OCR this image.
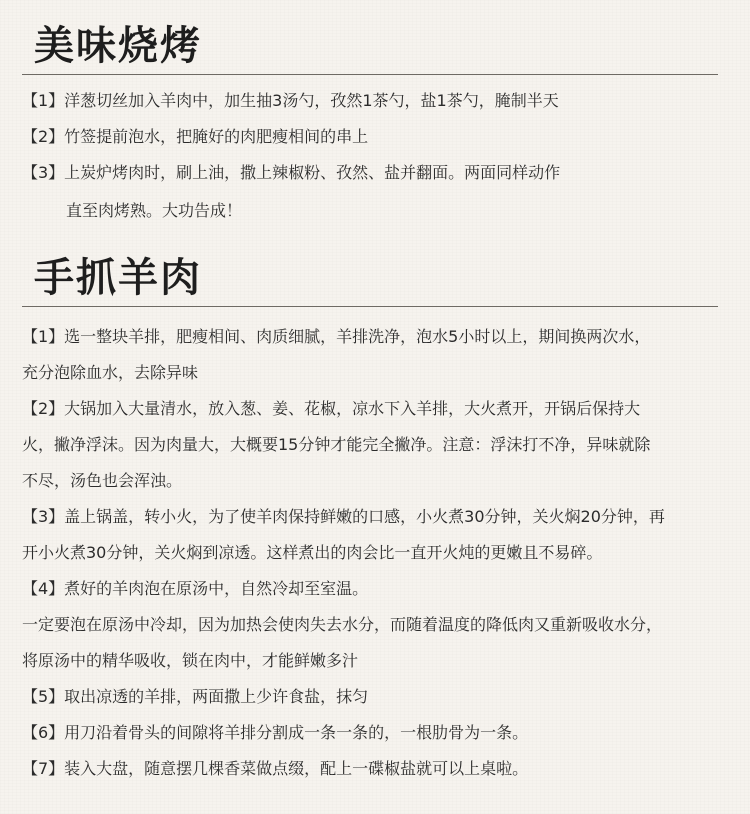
美味烧烤
【1】洋葱切丝加入羊肉中，加生抽3汤勺，孜然1茶勺，盐1茶勺，腌制半天
【2】竹签提前泡水，把腌好的肉肥瘦相间的串上
【3】上炭炉烤肉时，刷上油，撒上辣椒粉、孜然、盐并翻面。两面同样动作
直至肉烤熟。大功告成！
手抓羊肉
【1】选一整块羊排，肥瘦相间、肉质细腻，羊排洗净，泡水5小时以上，期间换两次水，
充分泡除血水，去除异味
【2】大锅加入大量清水，放入葱、姜、花椒，凉水下入羊排，大火煮开，开锅后保持大
火，撇净浮沫。因为肉量大，大概要15分钟才能完全撇净。注意：浮沫打不净，异味就除
不尽，汤色也会浑浊。
【3】盖上锅盖，转小火，为了使羊肉保持鲜嫩的口感，小火煮30分钟，关火焖20分钟，再
开小火煮30分钟，关火焖到凉透。这样煮出的肉会比一直开火炖的更嫩且不易碎。
【4】煮好的羊肉泡在原汤中，自然冷却至室温。
一定要泡在原汤中冷却，因为加热会使肉失去水分，而随着温度的降低肉又重新吸收水分，
将原汤中的精华吸收，锁在肉中，才能鲜嫩多汁
【5】取出凉透的羊排，两面撒上少许食盐，抹匀
【6】用刀沿着骨头的间隙将羊排分割成一条一条的，一根肋骨为一条。
【7】装入大盘，随意摆几棵香菜做点缀，配上一碟椒盐就可以上桌啦。
